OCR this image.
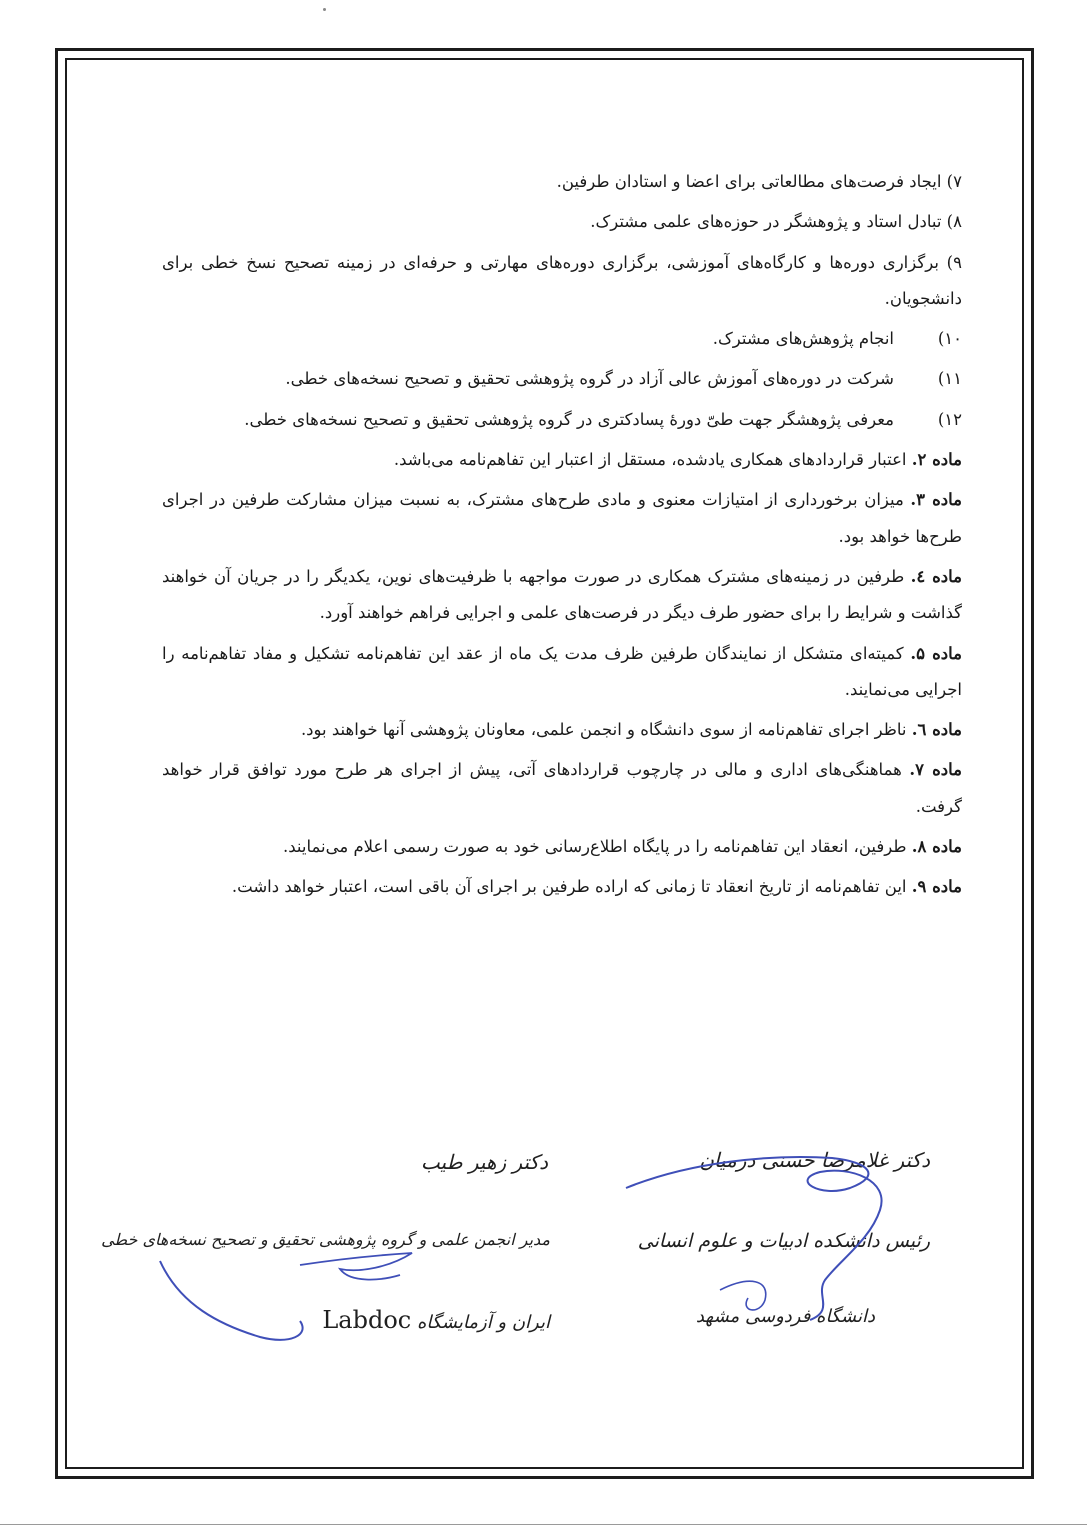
۷) ایجاد فرصت‌های مطالعاتی برای اعضا و استادان طرفین.

۸) تبادل استاد و پژوهشگر در حوزه‌های علمی مشترک.

۹) برگزاری دوره‌ها و کارگاه‌های آموزشی، برگزاری دوره‌های مهارتی و حرفه‌ای در زمینه تصحیح نسخ خطی برای دانشجویان.

۱۰)
انجام پژوهش‌های مشترک.
۱۱)
شرکت در دوره‌های آموزش عالی آزاد در گروه پژوهشی تحقیق و تصحیح نسخه‌های خطی.
۱۲)
معرفی پژوهشگر جهت طیّ دورۀ پسادکتری در گروه پژوهشی تحقیق و تصحیح نسخه‌های خطی.

ماده ۲. اعتبار قراردادهای همکاری یادشده، مستقل از اعتبار این تفاهم‌نامه می‌باشد.

ماده ۳. میزان برخورداری از امتیازات معنوی و مادی طرح‌های مشترک، به نسبت میزان مشارکت طرفین در اجرای طرح‌ها خواهد بود.

ماده ٤. طرفین در زمینه‌های مشترک همکاری در صورت مواجهه با ظرفیت‌های نوین، یکدیگر را در جریان آن خواهند گذاشت و شرایط را برای حضور طرف دیگر در فرصت‌های علمی و اجرایی فراهم خواهند آورد.

ماده ۵. کمیته‌ای متشکل از نمایندگان طرفین ظرف مدت یک ماه از عقد این تفاهم‌نامه تشکیل و مفاد تفاهم‌نامه را اجرایی می‌نمایند.

ماده ٦. ناظر اجرای تفاهم‌نامه از سوی دانشگاه و انجمن علمی، معاونان پژوهشی آنها خواهند بود.

ماده ۷. هماهنگی‌های اداری و مالی در چارچوب قراردادهای آتی، پیش از اجرای هر طرح مورد توافق قرار خواهد گرفت.

ماده ۸. طرفین، انعقاد این تفاهم‌نامه را در پایگاه اطلاع‌رسانی خود به صورت رسمی اعلام می‌نمایند.

ماده ۹. این تفاهم‌نامه از تاریخ انعقاد تا زمانی که اراده طرفین بر اجرای آن باقی است، اعتبار خواهد داشت.

دکتر غلامرضا حسنی درمیان
رئیس دانشکده ادبیات و علوم انسانی
دانشگاه فردوسی مشهد
دکتر زهیر طیب
مدیر انجمن علمی و گروه پژوهشی تحقیق و تصحیح نسخه‌های خطی
ایران و آزمایشگاه Labdoc
